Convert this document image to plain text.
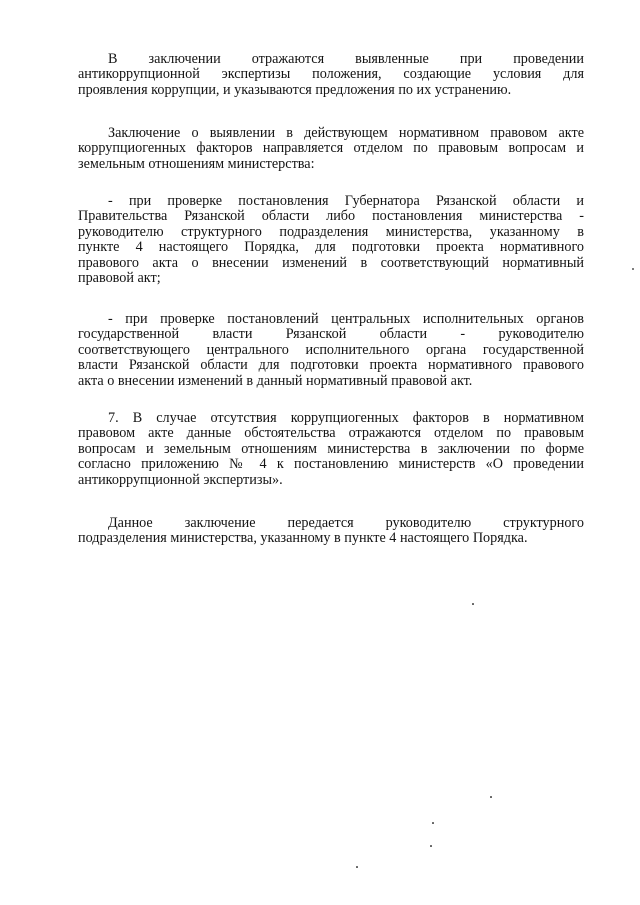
В заключении отражаются выявленные при проведении
антикоррупционной экспертизы положения, создающие условия для
проявления коррупции, и указываются предложения по их устранению.
Заключение о выявлении в действующем нормативном правовом акте
коррупциогенных факторов направляется отделом по правовым вопросам и
земельным отношениям министерства:
- при проверке постановления Губернатора Рязанской области и
Правительства Рязанской области либо постановления министерства -
руководителю структурного подразделения министерства, указанному в
пункте 4 настоящего Порядка, для подготовки проекта нормативного
правового акта о внесении изменений в соответствующий нормативный
правовой акт;
- при проверке постановлений центральных исполнительных органов
государственной власти Рязанской области - руководителю
соответствующего центрального исполнительного органа государственной
власти Рязанской области для подготовки проекта нормативного правового
акта о внесении изменений в данный нормативный правовой акт.
7. В случае отсутствия коррупциогенных факторов в нормативном
правовом акте данные обстоятельства отражаются отделом по правовым
вопросам и земельным отношениям министерства в заключении по форме
согласно приложению № 4 к постановлению министерств «О проведении
антикоррупционной экспертизы».
Данное заключение передается руководителю структурного
подразделения министерства, указанному в пункте 4 настоящего Порядка.
